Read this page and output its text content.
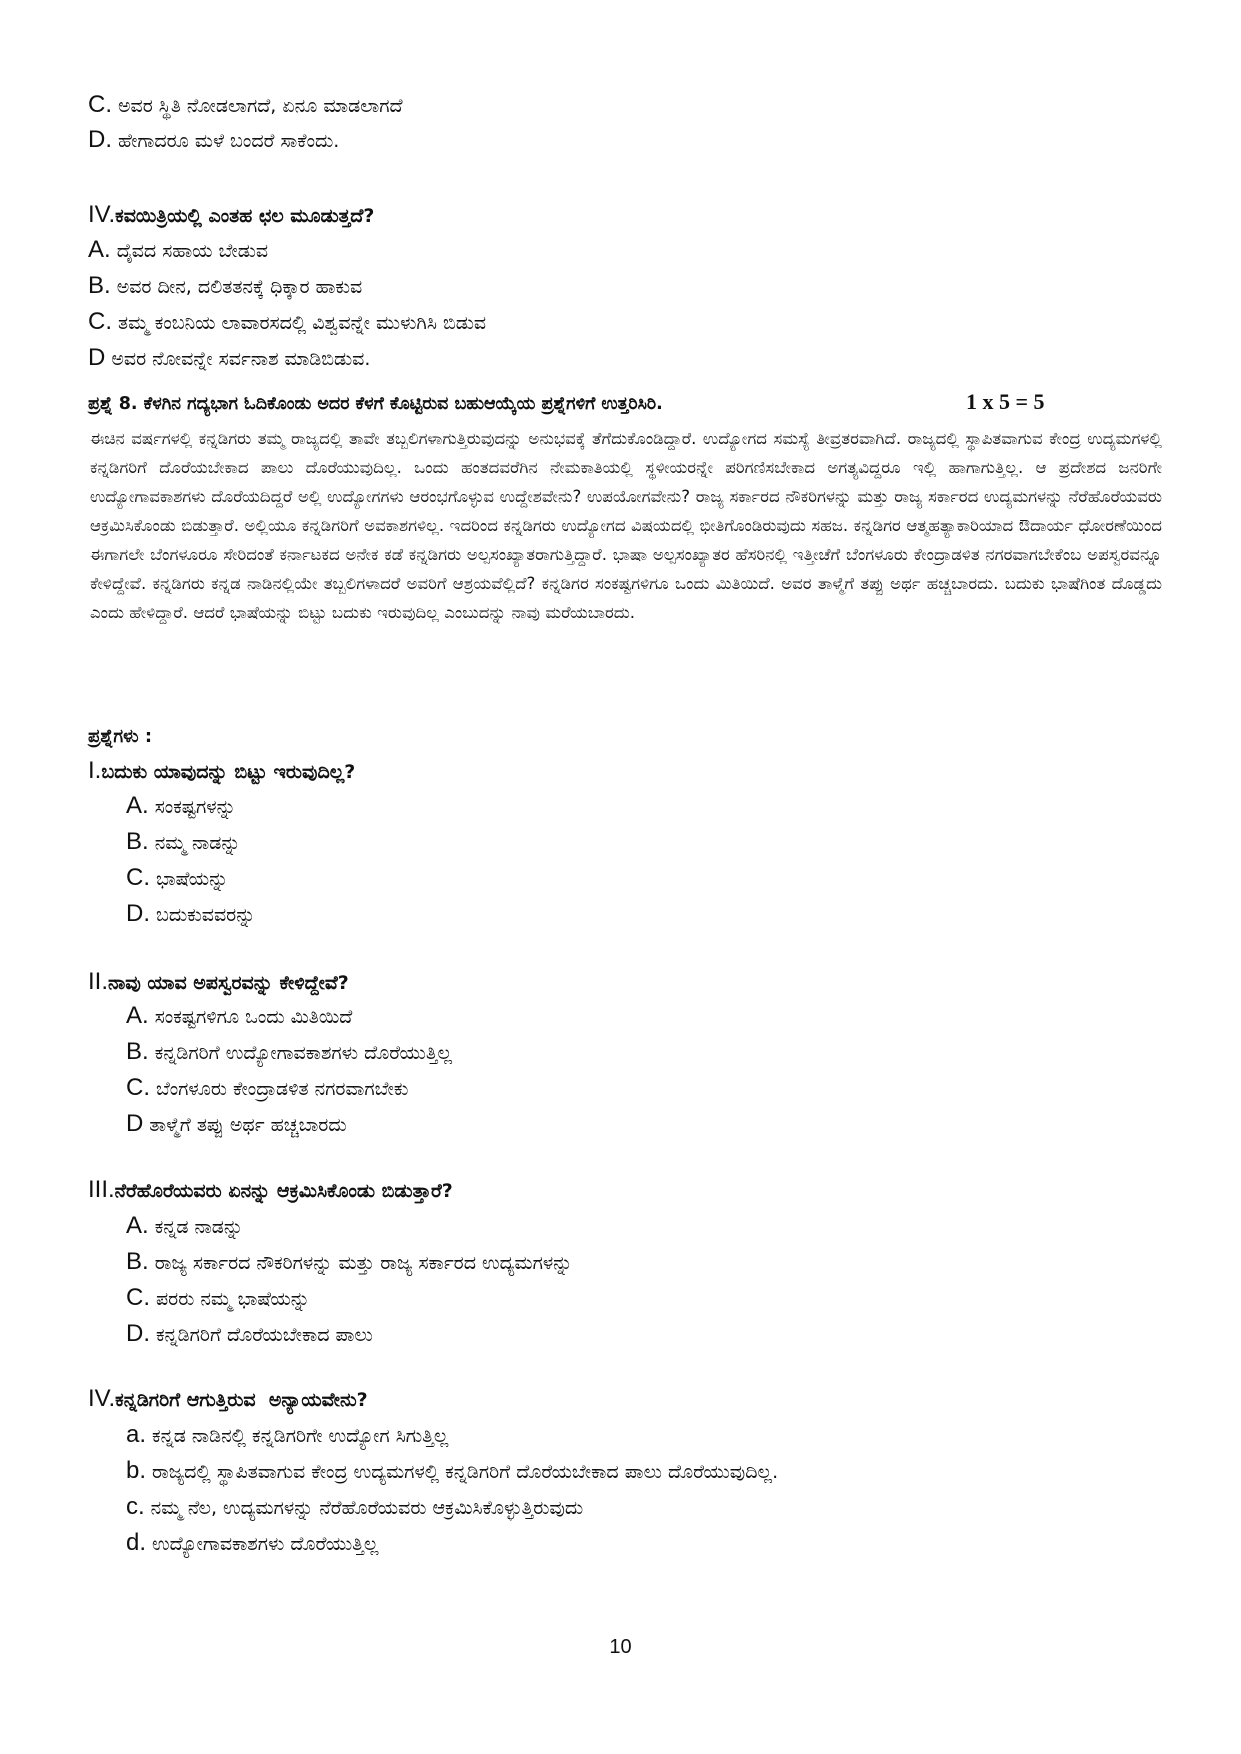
C. ಅವರ ಸ್ಥಿತಿ ನೋಡಲಾಗದೆ, ಏನೂ ಮಾಡಲಾಗದೆ
D. ಹೇಗಾದರೂ ಮಳೆ ಬಂದರೆ ಸಾಕೆಂದು.
IV.ಕವಯಿತ್ರಿಯಲ್ಲಿ ಎಂತಹ ಛಲ ಮೂಡುತ್ತದೆ?
A. ದೈವದ ಸಹಾಯ ಬೇಡುವ
B. ಅವರ ದೀನ, ದಲಿತತನಕ್ಕೆ ಧಿಕ್ಕಾರ ಹಾಕುವ
C. ತಮ್ಮ ಕಂಬನಿಯ ಲಾವಾರಸದಲ್ಲಿ ವಿಶ್ವವನ್ನೇ ಮುಳುಗಿಸಿ ಬಿಡುವ
D ಅವರ ನೋವನ್ನೇ ಸರ್ವನಾಶ ಮಾಡಿಬಿಡುವ.
ಪ್ರಶ್ನೆ 8. ಕೆಳಗಿನ ಗದ್ಯಭಾಗ ಓದಿಕೊಂಡು ಅದರ ಕೆಳಗೆ ಕೊಟ್ಟಿರುವ ಬಹುಆಯ್ಕೆಯ ಪ್ರಶ್ನೆಗಳಿಗೆ ಉತ್ತರಿಸಿರಿ.	1 x 5 = 5
ಈಚಿನ ವರ್ಷಗಳಲ್ಲಿ ಕನ್ನಡಿಗರು ತಮ್ಮ ರಾಜ್ಯದಲ್ಲಿ ತಾವೇ ತಬ್ಬಲಿಗಳಾಗುತ್ತಿರುವುದನ್ನು ಅನುಭವಕ್ಕೆ ತೆಗೆದುಕೊಂಡಿದ್ದಾರೆ. ಉದ್ಯೋಗದ ಸಮಸ್ಯೆ ತೀವ್ರತರವಾಗಿದೆ. ರಾಜ್ಯದಲ್ಲಿ ಸ್ಥಾಪಿತವಾಗುವ ಕೇಂದ್ರ ಉದ್ಯಮಗಳಲ್ಲಿ ಕನ್ನಡಿಗರಿಗೆ ದೊರೆಯಬೇಕಾದ ಪಾಲು ದೊರೆಯುವುದಿಲ್ಲ. ಒಂದು ಹಂತದವರೆಗಿನ ನೇಮಕಾತಿಯಲ್ಲಿ ಸ್ಥಳೀಯರನ್ನೇ ಪರಿಗಣಿಸಬೇಕಾದ ಅಗತ್ಯವಿದ್ದರೂ ಇಲ್ಲಿ ಹಾಗಾಗುತ್ತಿಲ್ಲ. ಆ ಪ್ರದೇಶದ ಜನರಿಗೇ ಉದ್ಯೋಗಾವಕಾಶಗಳು ದೊರೆಯದಿದ್ದರೆ ಅಲ್ಲಿ ಉದ್ಯೋಗಗಳು ಆರಂಭಗೊಳ್ಳುವ ಉದ್ದೇಶವೇನು? ಉಪಯೋಗವೇನು? ರಾಜ್ಯ ಸರ್ಕಾರದ ನೌಕರಿಗಳನ್ನು ಮತ್ತು ರಾಜ್ಯ ಸರ್ಕಾರದ ಉದ್ಯಮಗಳನ್ನು ನೆರೆಹೊರೆಯವರು ಆಕ್ರಮಿಸಿಕೊಂಡು ಬಿಡುತ್ತಾರೆ. ಅಲ್ಲಿಯೂ ಕನ್ನಡಿಗರಿಗೆ ಅವಕಾಶಗಳಿಲ್ಲ. ಇದರಿಂದ ಕನ್ನಡಿಗರು ಉದ್ಯೋಗದ ವಿಷಯದಲ್ಲಿ ಭೀತಿಗೊಂಡಿರುವುದು ಸಹಜ. ಕನ್ನಡಿಗರ ಆತ್ಮಹತ್ಯಾಕಾರಿಯಾದ ಔದಾರ್ಯ ಧೋರಣೆಯಿಂದ ಈಗಾಗಲೇ ಬೆಂಗಳೂರೂ ಸೇರಿದಂತೆ ಕರ್ನಾಟಕದ ಅನೇಕ ಕಡೆ ಕನ್ನಡಿಗರು ಅಲ್ಪಸಂಖ್ಯಾತರಾಗುತ್ತಿದ್ದಾರೆ. ಭಾಷಾ ಅಲ್ಪಸಂಖ್ಯಾತರ ಹೆಸರಿನಲ್ಲಿ ಇತ್ತೀಚೆಗೆ ಬೆಂಗಳೂರು ಕೇಂದ್ರಾಡಳಿತ ನಗರವಾಗಬೇಕೆಂಬ ಅಪಸ್ವರವನ್ನೂ ಕೇಳಿದ್ದೇವೆ. ಕನ್ನಡಿಗರು ಕನ್ನಡ ನಾಡಿನಲ್ಲಿಯೇ ತಬ್ಬಲಿಗಳಾದರೆ ಅವರಿಗೆ ಆಶ್ರಯವೆಲ್ಲಿದೆ? ಕನ್ನಡಿಗರ ಸಂಕಷ್ಟಗಳಿಗೂ ಒಂದು ಮಿತಿಯಿದೆ. ಅವರ ತಾಳ್ಮೆಗೆ ತಪ್ಪು ಅರ್ಥ ಹಚ್ಚಬಾರದು. ಬದುಕು ಭಾಷೆಗಿಂತ ದೊಡ್ಡದು ಎಂದು ಹೇಳಿದ್ದಾರೆ. ಆದರೆ ಭಾಷೆಯನ್ನು ಬಿಟ್ಟು ಬದುಕು ಇರುವುದಿಲ್ಲ ಎಂಬುದನ್ನು ನಾವು ಮರೆಯಬಾರದು.
ಪ್ರಶ್ನೆಗಳು :
I.ಬದುಕು ಯಾವುದನ್ನು ಬಿಟ್ಟು ಇರುವುದಿಲ್ಲ?
A. ಸಂಕಷ್ಟಗಳನ್ನು
B. ನಮ್ಮ ನಾಡನ್ನು
C. ಭಾಷೆಯನ್ನು
D. ಬದುಕುವವರನ್ನು
II.ನಾವು ಯಾವ ಅಪಸ್ವರವನ್ನು ಕೇಳಿದ್ದೇವೆ?
A. ಸಂಕಷ್ಟಗಳಿಗೂ ಒಂದು ಮಿತಿಯಿದೆ
B. ಕನ್ನಡಿಗರಿಗೆ ಉದ್ಯೋಗಾವಕಾಶಗಳು ದೊರೆಯುತ್ತಿಲ್ಲ
C. ಬೆಂಗಳೂರು ಕೇಂದ್ರಾಡಳಿತ ನಗರವಾಗಬೇಕು
D ತಾಳ್ಮೆಗೆ ತಪ್ಪು ಅರ್ಥ ಹಚ್ಚಬಾರದು
III.ನೆರೆಹೊರೆಯವರು ಏನನ್ನು ಆಕ್ರಮಿಸಿಕೊಂಡು ಬಿಡುತ್ತಾರೆ?
A. ಕನ್ನಡ ನಾಡನ್ನು
B. ರಾಜ್ಯ ಸರ್ಕಾರದ ನೌಕರಿಗಳನ್ನು ಮತ್ತು ರಾಜ್ಯ ಸರ್ಕಾರದ ಉದ್ಯಮಗಳನ್ನು
C. ಪರರು ನಮ್ಮ ಭಾಷೆಯನ್ನು
D. ಕನ್ನಡಿಗರಿಗೆ ದೊರೆಯಬೇಕಾದ ಪಾಲು
IV.ಕನ್ನಡಿಗರಿಗೆ ಆಗುತ್ತಿರುವ  ಅನ್ಯಾಯವೇನು?
a. ಕನ್ನಡ ನಾಡಿನಲ್ಲಿ ಕನ್ನಡಿಗರಿಗೇ ಉದ್ಯೋಗ ಸಿಗುತ್ತಿಲ್ಲ
b. ರಾಜ್ಯದಲ್ಲಿ ಸ್ಥಾಪಿತವಾಗುವ ಕೇಂದ್ರ ಉದ್ಯಮಗಳಲ್ಲಿ ಕನ್ನಡಿಗರಿಗೆ ದೊರೆಯಬೇಕಾದ ಪಾಲು ದೊರೆಯುವುದಿಲ್ಲ.
c. ನಮ್ಮ ನೆಲ, ಉದ್ಯಮಗಳನ್ನು ನೆರೆಹೊರೆಯವರು ಆಕ್ರಮಿಸಿಕೊಳ್ಳುತ್ತಿರುವುದು
d. ಉದ್ಯೋಗಾವಕಾಶಗಳು ದೊರೆಯುತ್ತಿಲ್ಲ
10
